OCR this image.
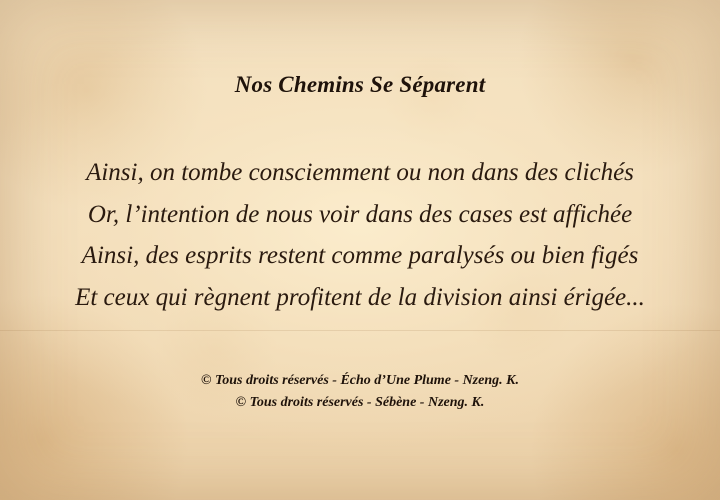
Nos Chemins Se Séparent
Ainsi, on tombe consciemment ou non dans des clichés
Or, l’intention de nous voir dans des cases est affichée
Ainsi, des esprits restent comme paralysés ou bien figés
Et ceux qui règnent profitent de la division ainsi érigée...
© Tous droits réservés - Écho d’Une Plume - Nzeng. K.
© Tous droits réservés - Sébène - Nzeng. K.
